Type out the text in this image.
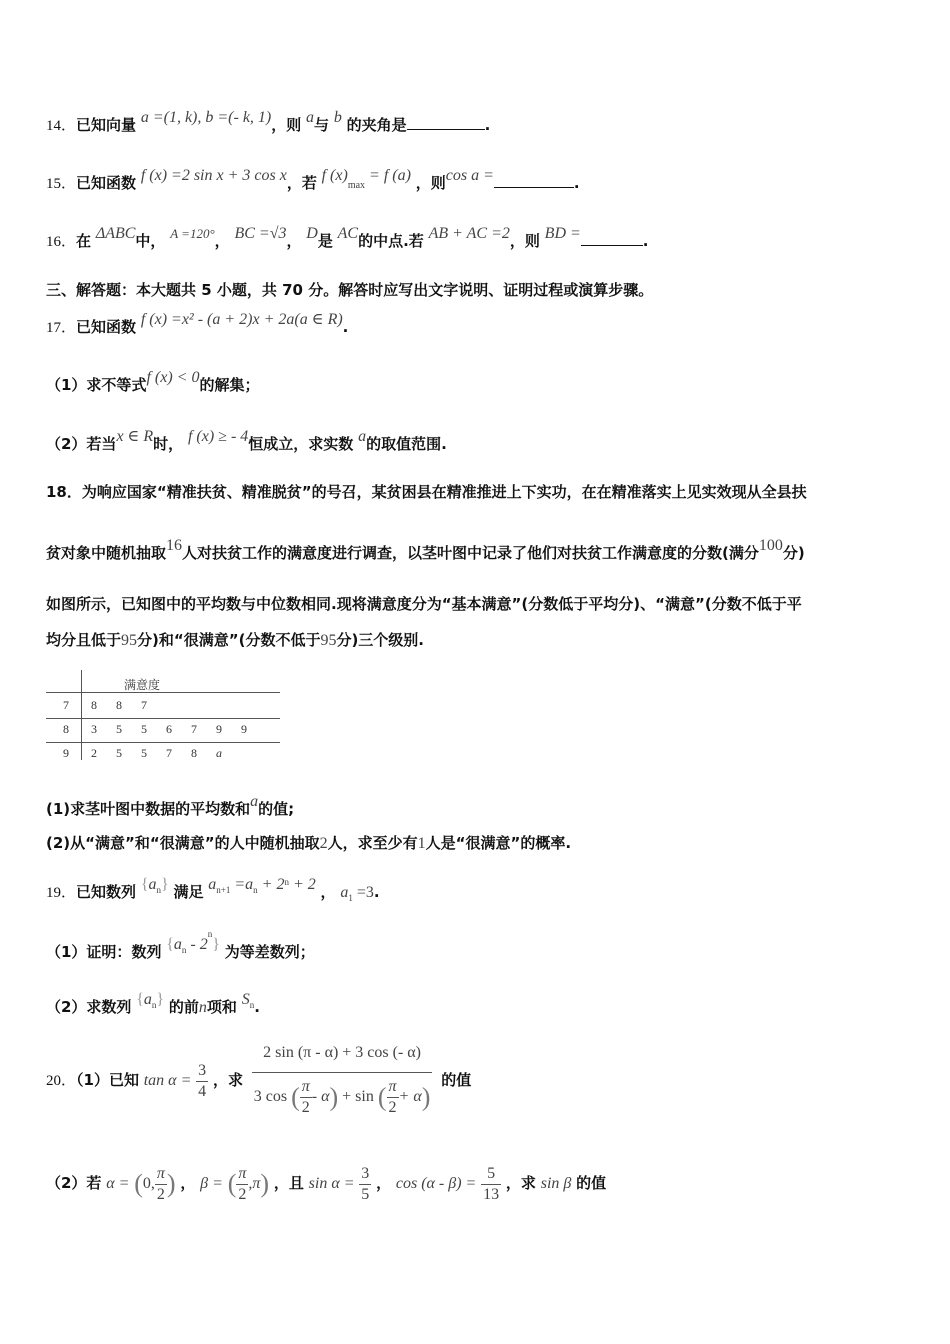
14．已知向量 a =(1, k), b =(- k, 1)，则 a与 b 的夹角是	.
15．已知函数 f (x) =2 sin x + 3 cos x，若 f (x)max = f (a) ，则cos a =	.
16．在 ΔABC中， A =120°， BC =√3， D是 AC的中点.若 AB + AC =2，则 BD =	.
三、解答题：本大题共 5 小题，共 70 分。解答时应写出文字说明、证明过程或演算步骤。
17．已知函数 f (x) =x² - (a + 2)x + 2a(a ∈ R).
（1）求不等式f (x) < 0的解集；
（2）若当x ∈ R时， f (x) ≥ - 4恒成立，求实数 a的取值范围.
18．为响应国家“精准扶贫、精准脱贫”的号召，某贫困县在精准推进上下实功，在在精准落实上见实效现从全县扶
贫对象中随机抽取16人对扶贫工作的满意度进行调查，以茎叶图中记录了他们对扶贫工作满意度的分数(满分100分)
如图所示，已知图中的平均数与中位数相同.现将满意度分为“基本满意”(分数低于平均分)、“满意”(分数不低于平
均分且低于95分)和“很满意”(分数不低于95分)三个级别.
满意度
7	8	8	7
8	3	5	5	6	7	9	9
9	2	5	5	7	8	a
(1)求茎叶图中数据的平均数和a的值;
(2)从“满意”和“很满意”的人中随机抽取2人，求至少有1人是“很满意”的概率.
19．已知数列 $\{a_n\}$ 满足 $a_{n+1} =a_n + 2^n + 2$ ， $a_1 =3$.
（1）证明：数列 $\{a_n - 2^n\}$ 为等差数列；
（2）求数列 $\{a_n\}$ 的前n项和 $S_n$.
20．（1）已知 $\tan \alpha = \frac{3}{4}$ ，求 $\frac{2 \sin (\pi - \alpha) + 3 \cos (- \alpha)}{3 \cos ( \frac{\pi}{2} - \alpha) + \sin ( \frac{\pi}{2} + \alpha)}$ 的值
（2）若 α = (0, $\frac{\pi}{2}$ ) ， β = ( $\frac{\pi}{2} ,\pi$) ，且 $\sin \alpha = \frac{3}{5}$ ， $\cos (\alpha - \beta) = \frac{5}{13}$ ，求 sin β 的值
